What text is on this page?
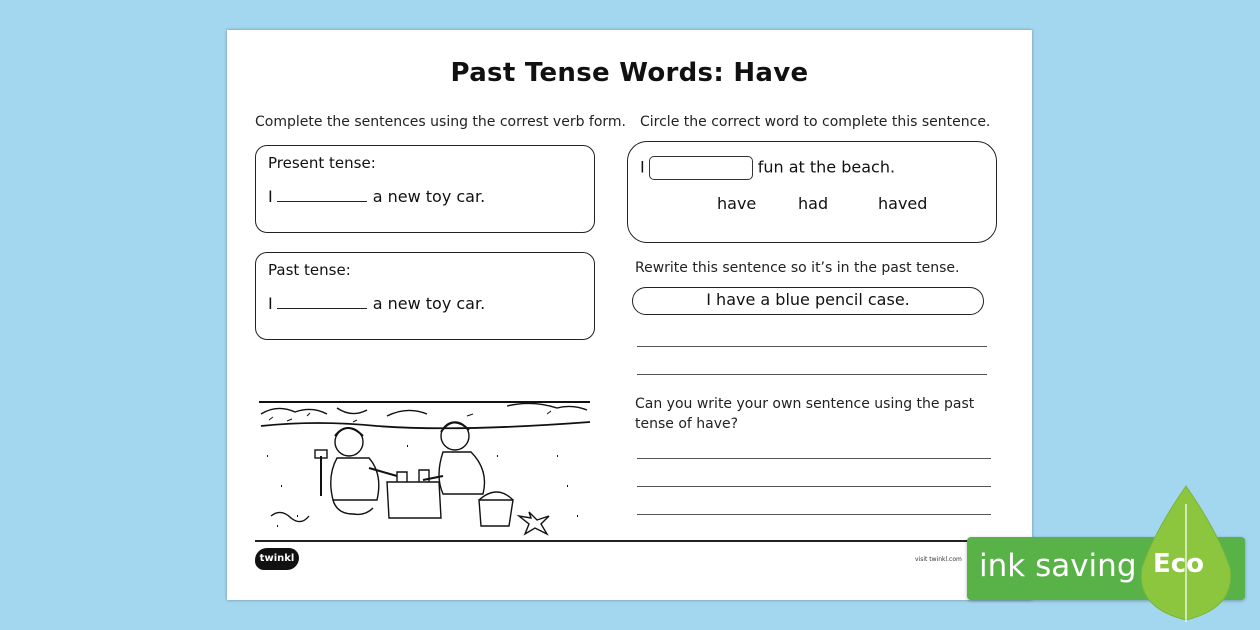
Past Tense Words: Have
Complete the sentences using the correst verb form.
Present tense:
I	a new toy car.
Past tense:
I	a new toy car.
Circle the correct word to complete this sentence.
I	fun at the beach.
have	had	haved
Rewrite this sentence so it’s in the past tense.
I have a blue pencil case.
Can you write your own sentence using the past
tense of have?
twinkl	visit twinkl.com ink saving Eco
